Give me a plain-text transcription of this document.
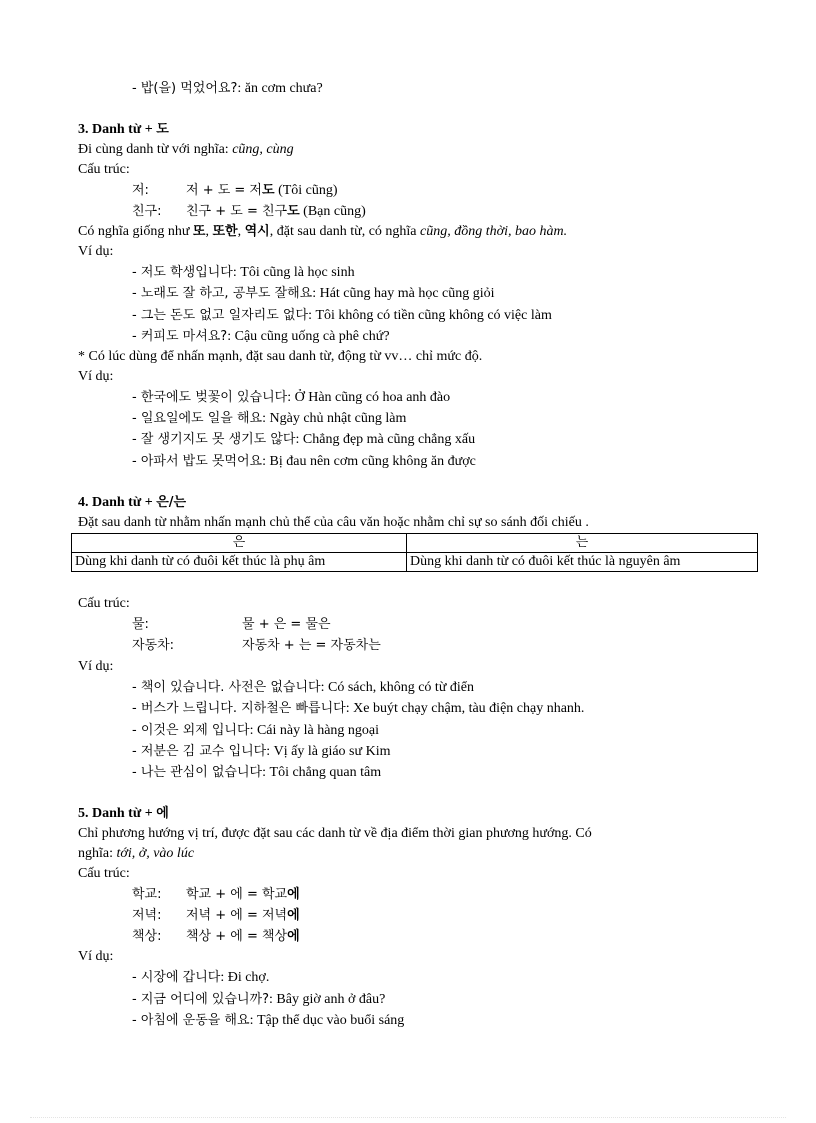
- 밥(을) 먹었어요?: ăn cơm chưa?
3. Danh từ + 도
Đi cùng danh từ với nghĩa: cũng, cùng
Cấu trúc:
저:	저 + 도 = 저도 (Tôi cũng)
친구: 친구 + 도 = 친구도 (Bạn cũng)
Có nghĩa giống như 또, 또한, 역시, đặt sau danh từ, có nghĩa cũng, đồng thời, bao hàm.
Ví dụ:
- 저도 학생입니다: Tôi cũng là học sinh
- 노래도 잘 하고, 공부도 잘해요: Hát cũng hay mà học cũng giỏi
- 그는 돈도 없고 일자리도 없다: Tôi không có tiền cũng không có việc làm
- 커피도 마셔요?: Cậu cũng uống cà phê chứ?
* Có lúc dùng để nhấn mạnh, đặt sau danh từ, động từ vv… chỉ mức độ.
Ví dụ:
- 한국에도 벚꽃이 있습니다: Ở Hàn cũng có hoa anh đào
- 일요일에도 일을 해요: Ngày chủ nhật cũng làm
- 잘 생기지도 못 생기도 않다: Chẳng đẹp mà cũng chẳng xấu
- 아파서 밥도 못먹어요: Bị đau nên cơm cũng không ăn được
4. Danh từ + 은/는
Đặt sau danh từ nhằm nhấn mạnh chủ thể của câu văn hoặc nhằm chỉ sự so sánh đối chiếu .
은	는
Dùng khi danh từ có đuôi kết thúc là phụ âm	Dùng khi danh từ có đuôi kết thúc là nguyên âm
Cấu trúc:
물:	물 + 은 = 물은
자동차:	자동차 + 는 = 자동차는
Ví dụ:
- 책이 있습니다. 사전은 없습니다: Có sách, không có từ điển
- 버스가 느립니다. 지하철은 빠릅니다: Xe buýt chạy chậm, tàu điện chạy nhanh.
- 이것은 외제 입니다: Cái này là hàng ngoại
- 저분은 김 교수 입니다: Vị ấy là giáo sư Kim
- 나는 관심이 없습니다: Tôi chẳng quan tâm
5. Danh từ + 에
Chỉ phương hướng vị trí, được đặt sau các danh từ về địa điểm thời gian phương hướng. Có
nghĩa: tới, ở, vào lúc
Cấu trúc:
학교: 학교 + 에 = 학교에
저녁: 저녁 + 에 = 저녁에
책상: 책상 + 에 = 책상에
Ví dụ:
- 시장에 갑니다: Đi chợ.
- 지금 어디에 있습니까?: Bây giờ anh ở đâu?
- 아침에 운동을 해요: Tập thể dục vào buổi sáng
